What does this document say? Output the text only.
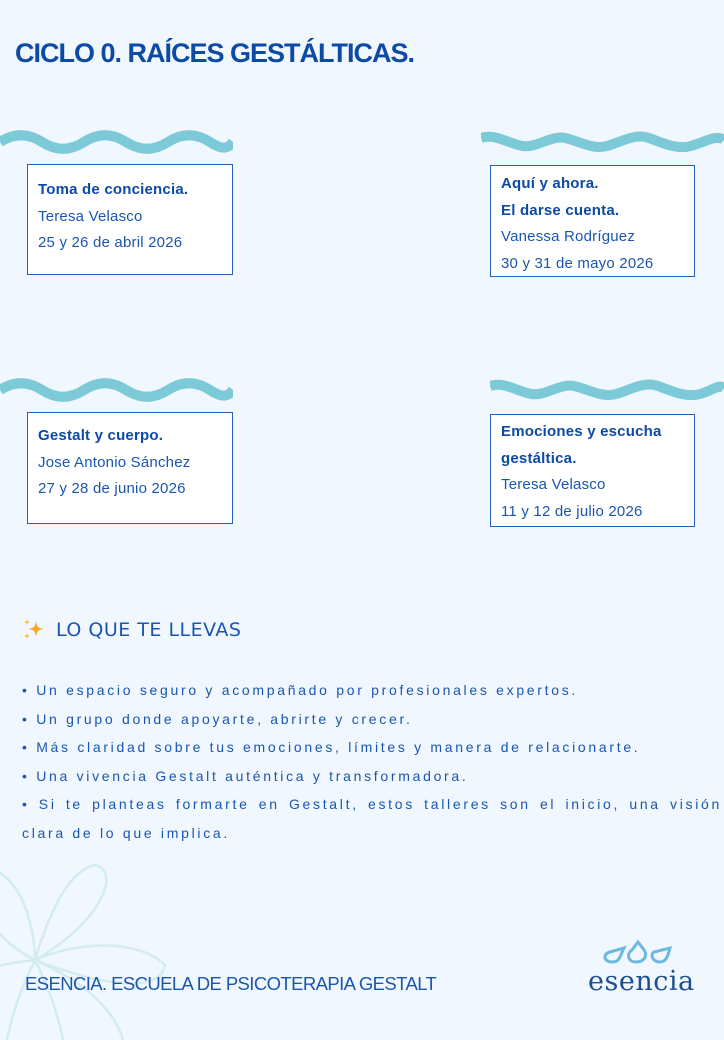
CICLO 0. RAÍCES GESTÁLTICAS.
Toma de conciencia.
Teresa Velasco
25 y 26 de abril 2026
Aquí y ahora.
El darse cuenta.
Vanessa Rodríguez
30 y 31 de mayo 2026
Gestalt y cuerpo.
Jose Antonio Sánchez
27 y 28 de junio 2026
Emociones y escucha
gestáltica.
Teresa Velasco
11 y 12 de julio 2026
LO QUE TE LLEVAS
• Un espacio seguro y acompañado por profesionales expertos.
• Un grupo donde apoyarte, abrirte y crecer.
• Más claridad sobre tus emociones, límites y manera de relacionarte.
• Una vivencia Gestalt auténtica y transformadora.
• Si te planteas formarte en Gestalt, estos talleres son el inicio, una visión clara de lo que implica.
ESENCIA. ESCUELA DE PSICOTERAPIA GESTALT	esencia
